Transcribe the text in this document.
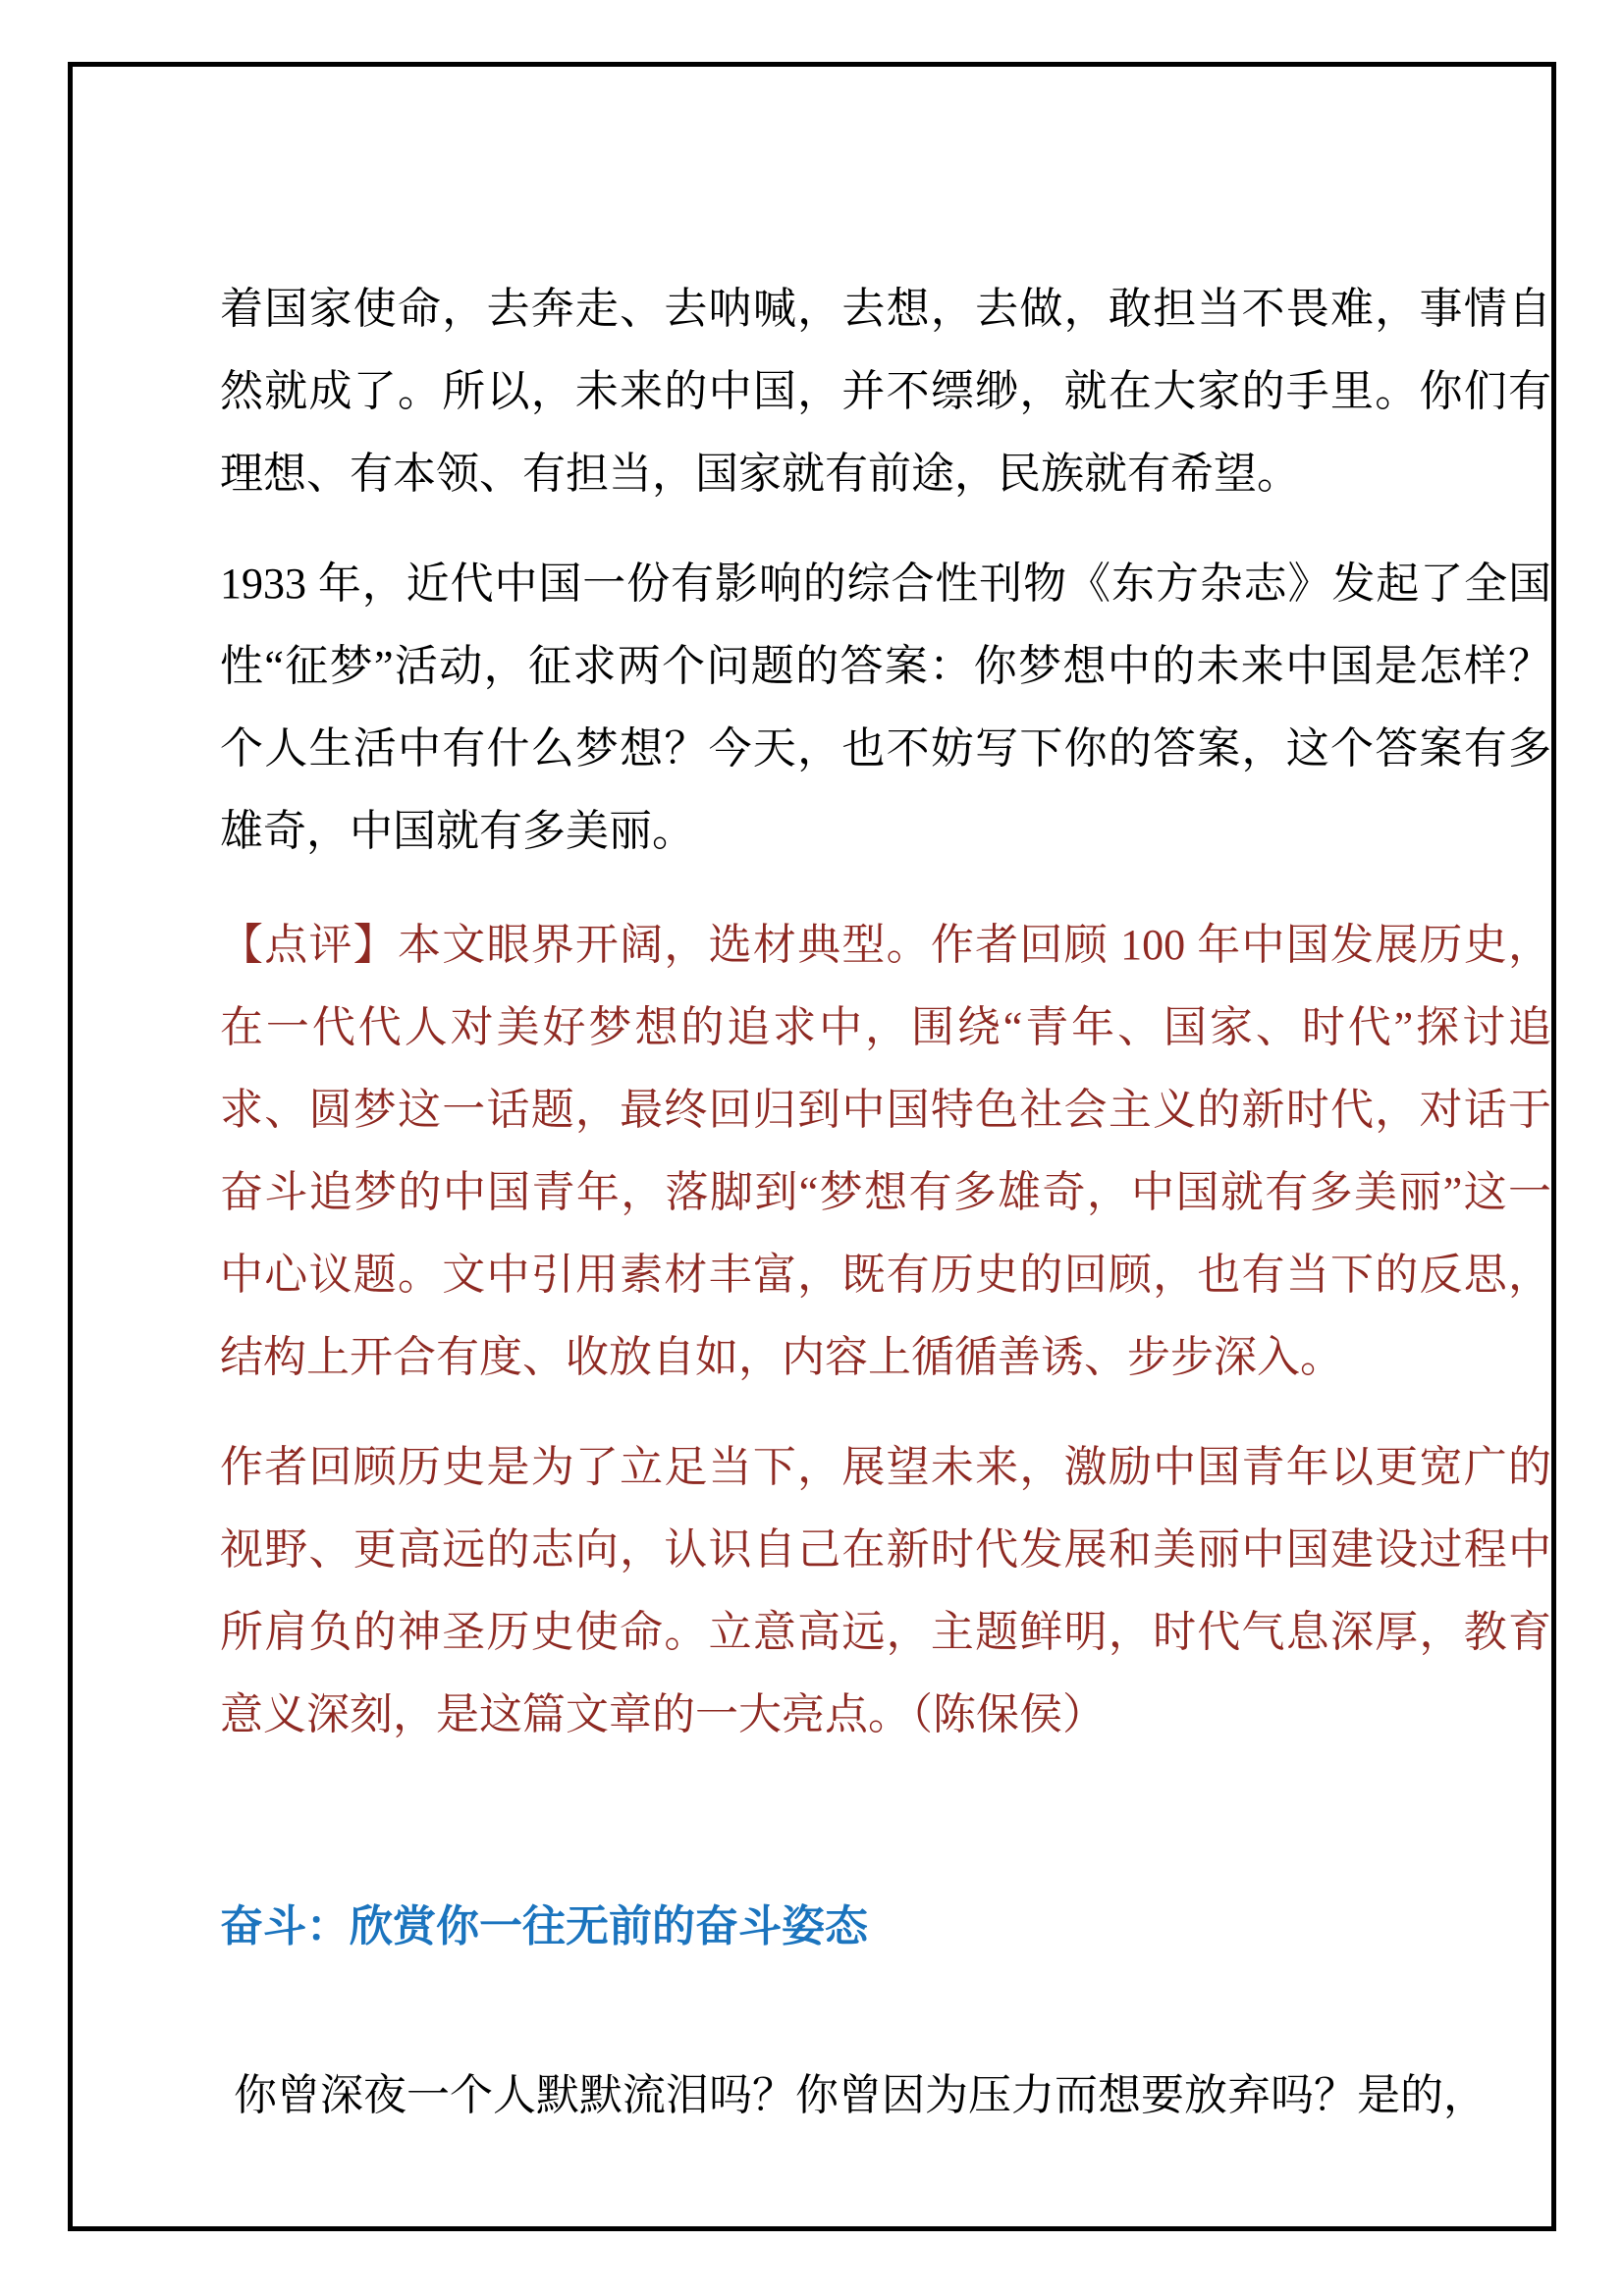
着国家使命，去奔走、去呐喊，去想，去做，敢担当不畏难，事情自然就成了。所以，未来的中国，并不缥缈，就在大家的手里。你们有理想、有本领、有担当，国家就有前途，民族就有希望。

1933 年，近代中国一份有影响的综合性刊物《东方杂志》发起了全国性“征梦”活动，征求两个问题的答案：你梦想中的未来中国是怎样？个人生活中有什么梦想？今天，也不妨写下你的答案，这个答案有多雄奇，中国就有多美丽。

【点评】本文眼界开阔，选材典型。作者回顾 100 年中国发展历史，在一代代人对美好梦想的追求中，围绕“青年、国家、时代”探讨追求、圆梦这一话题，最终回归到中国特色社会主义的新时代，对话于奋斗追梦的中国青年，落脚到“梦想有多雄奇，中国就有多美丽”这一中心议题。文中引用素材丰富，既有历史的回顾，也有当下的反思，结构上开合有度、收放自如，内容上循循善诱、步步深入。

作者回顾历史是为了立足当下，展望未来，激励中国青年以更宽广的视野、更高远的志向，认识自己在新时代发展和美丽中国建设过程中所肩负的神圣历史使命。立意高远，主题鲜明，时代气息深厚，教育意义深刻，是这篇文章的一大亮点。（陈保侯）

奋斗：欣赏你一往无前的奋斗姿态

你曾深夜一个人默默流泪吗？你曾因为压力而想要放弃吗？是的，
